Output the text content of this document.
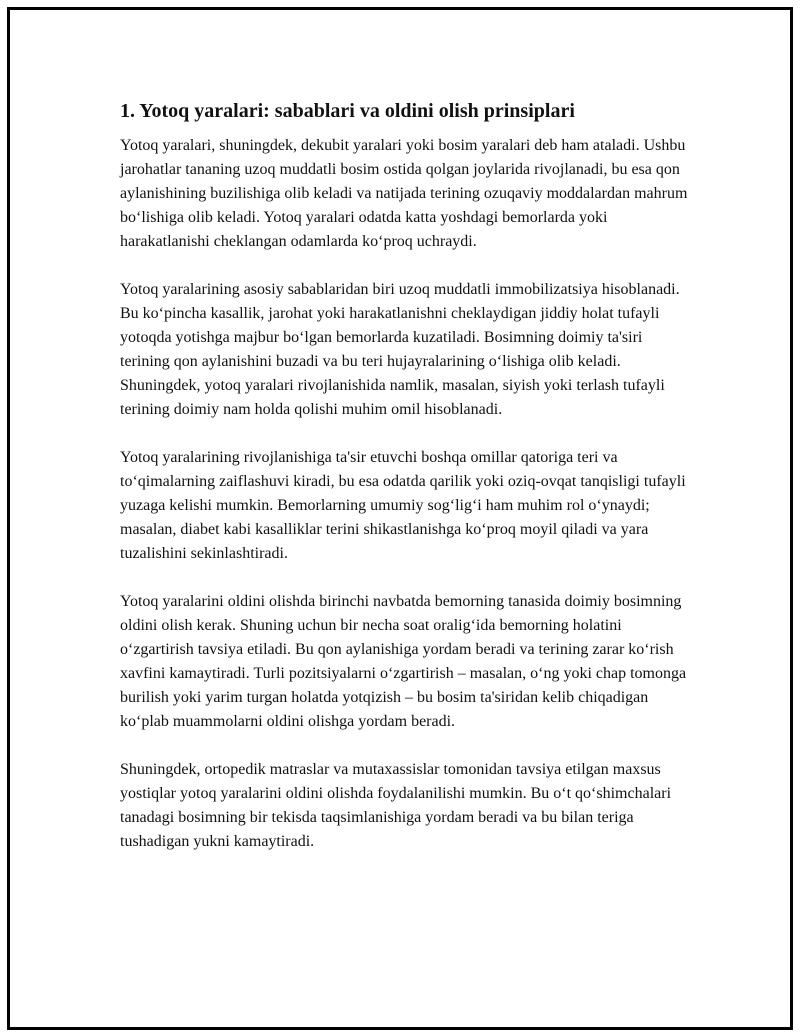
1. Yotoq yaralari: sabablari va oldini olish prinsiplari

Yotoq yaralari, shuningdek, dekubit yaralari yoki bosim yaralari deb ham ataladi. Ushbu jarohatlar tananing uzoq muddatli bosim ostida qolgan joylarida rivojlanadi, bu esa qon aylanishining buzilishiga olib keladi va natijada terining ozuqaviy moddalardan mahrum boʻlishiga olib keladi. Yotoq yaralari odatda katta yoshdagi bemorlarda yoki harakatlanishi cheklangan odamlarda koʻproq uchraydi.

Yotoq yaralarining asosiy sabablaridan biri uzoq muddatli immobilizatsiya hisoblanadi. Bu koʻpincha kasallik, jarohat yoki harakatlanishni cheklaydigan jiddiy holat tufayli yotoqda yotishga majbur boʻlgan bemorlarda kuzatiladi. Bosimning doimiy ta'siri terining qon aylanishini buzadi va bu teri hujayralarining oʻlishiga olib keladi. Shuningdek, yotoq yaralari rivojlanishida namlik, masalan, siyish yoki terlash tufayli terining doimiy nam holda qolishi muhim omil hisoblanadi.

Yotoq yaralarining rivojlanishiga ta'sir etuvchi boshqa omillar qatoriga teri va toʻqimalarning zaiflashuvi kiradi, bu esa odatda qarilik yoki oziq-ovqat tanqisligi tufayli yuzaga kelishi mumkin. Bemorlarning umumiy sogʻligʻi ham muhim rol oʻynaydi; masalan, diabet kabi kasalliklar terini shikastlanishga koʻproq moyil qiladi va yara tuzalishini sekinlashtiradi.

Yotoq yaralarini oldini olishda birinchi navbatda bemorning tanasida doimiy bosimning oldini olish kerak. Shuning uchun bir necha soat oraligʻida bemorning holatini oʻzgartirish tavsiya etiladi. Bu qon aylanishiga yordam beradi va terining zarar koʻrish xavfini kamaytiradi. Turli pozitsiyalarni oʻzgartirish – masalan, oʻng yoki chap tomonga burilish yoki yarim turgan holatda yotqizish – bu bosim ta'siridan kelib chiqadigan koʻplab muammolarni oldini olishga yordam beradi.

Shuningdek, ortopedik matraslar va mutaxassislar tomonidan tavsiya etilgan maxsus yostiqlar yotoq yaralarini oldini olishda foydalanilishi mumkin. Bu oʻt qoʻshimchalari tanadagi bosimning bir tekisda taqsimlanishiga yordam beradi va bu bilan teriga tushadigan yukni kamaytiradi.
